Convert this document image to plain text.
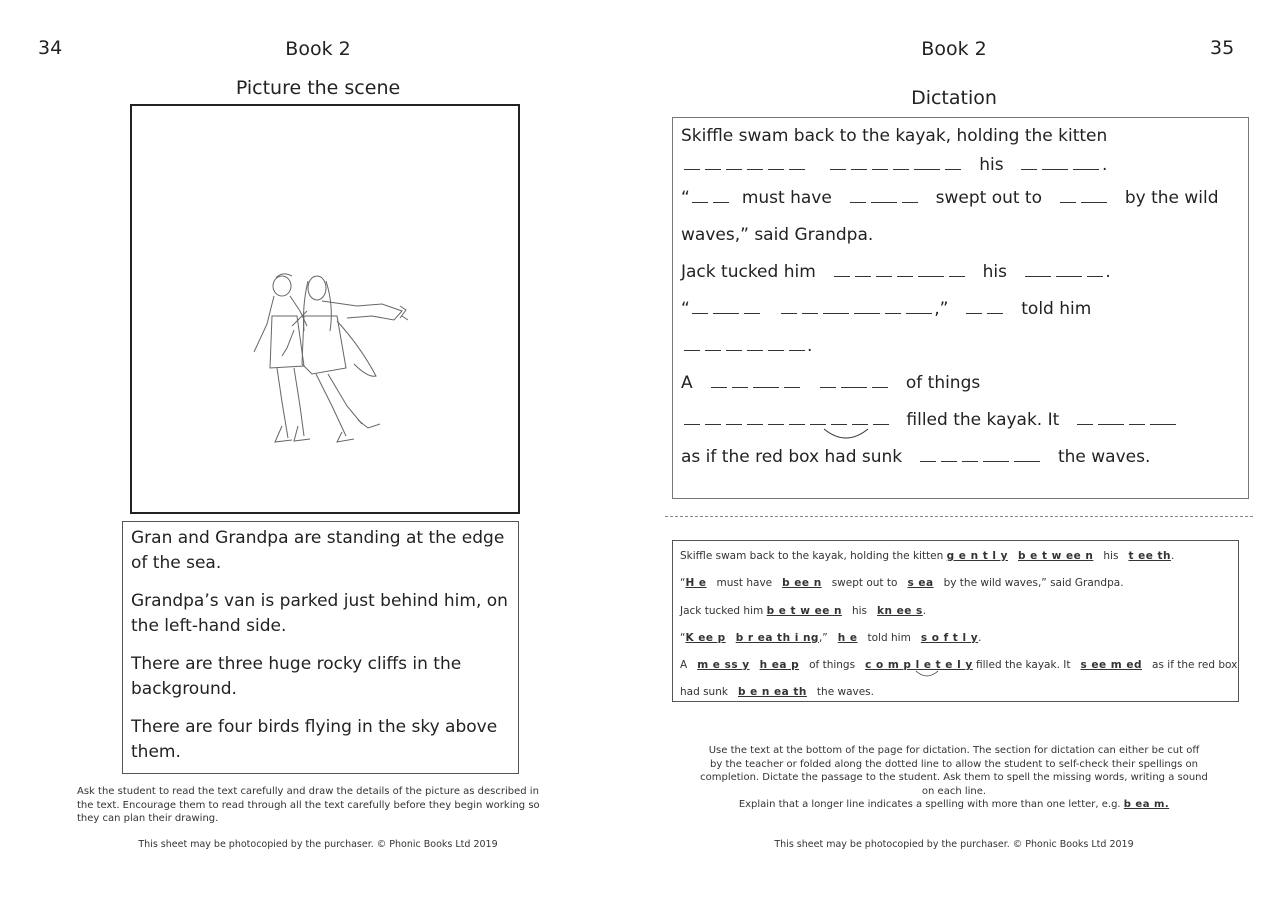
34	Book 2
Picture the scene

Gran and Grandpa are standing at the edge of the sea.

Grandpa’s van is parked just behind him, on the left-hand side.

There are three huge rocky cliffs in the background.

There are four birds flying in the sky above them.

Ask the student to read the text carefully and draw the details of the picture as described in the text. Encourage them to read through all the text carefully before they begin working so they can plan their drawing.
This sheet may be photocopied by the purchaser. © Phonic Books Ltd 2019
Book 2	35
Dictation
Skiffle swam back to the kayak, holding the kitten
his	.
“	must have	swept out to	by the wild
waves,” said Grandpa.
Jack tucked him	his	.
“	,”	told him
.
A	of things
filled the kayak. It
as if the red box had sunk	the waves.
Skiffle swam back to the kayak, holding the kitten g e n t l y b e t w ee n his t ee th.
“H e must have b ee n swept out to s ea by the wild waves,” said Grandpa.
Jack tucked him b e t w ee n his kn ee s.
“K ee p b r ea th i ng,”   h e told him s o f t l y.
A m e ss y h ea p of things c o m p l e t e l y filled the kayak. It s ee m ed as if the red box
had sunk b e n ea th the waves.
Use the text at the bottom of the page for dictation. The section for dictation can either be cut off
by the teacher or folded along the dotted line to allow the student to self-check their spellings on
completion. Dictate the passage to the student. Ask them to spell the missing words, writing a sound
on each line.
Explain that a longer line indicates a spelling with more than one letter, e.g. b ea m.
This sheet may be photocopied by the purchaser. © Phonic Books Ltd 2019
